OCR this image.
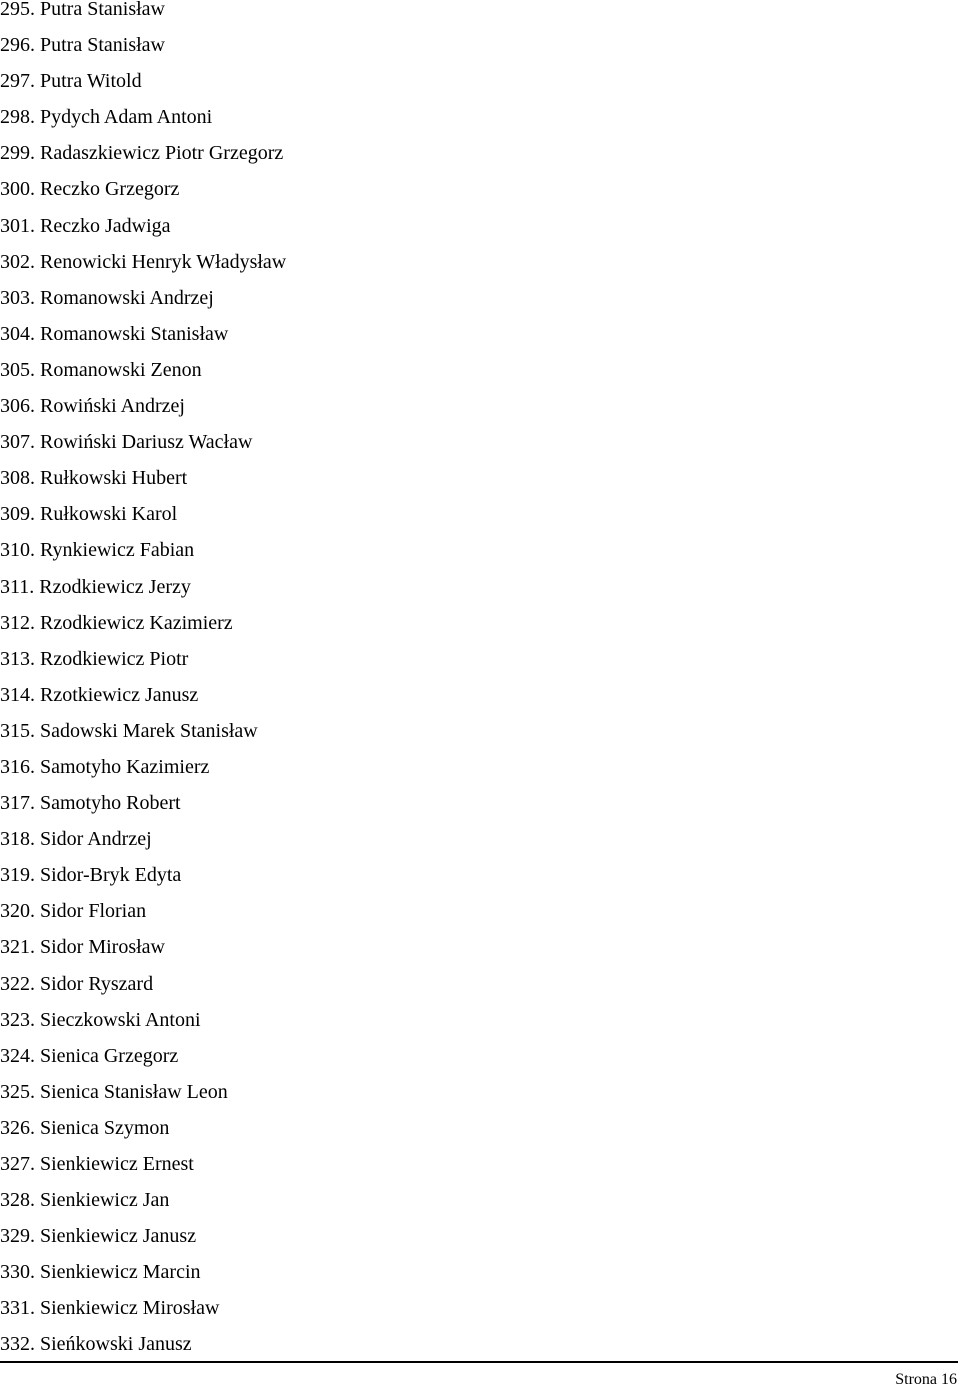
295. Putra Stanisław
296. Putra Stanisław
297. Putra Witold
298. Pydych Adam Antoni
299. Radaszkiewicz Piotr Grzegorz
300. Reczko Grzegorz
301. Reczko Jadwiga
302. Renowicki Henryk Władysław
303. Romanowski Andrzej
304. Romanowski Stanisław
305. Romanowski Zenon
306. Rowiński Andrzej
307. Rowiński Dariusz Wacław
308. Rułkowski Hubert
309. Rułkowski Karol
310. Rynkiewicz Fabian
311. Rzodkiewicz Jerzy
312. Rzodkiewicz Kazimierz
313. Rzodkiewicz Piotr
314. Rzotkiewicz Janusz
315. Sadowski Marek Stanisław
316. Samotyho Kazimierz
317. Samotyho Robert
318. Sidor Andrzej
319. Sidor-Bryk Edyta
320. Sidor Florian
321. Sidor Mirosław
322. Sidor Ryszard
323. Sieczkowski Antoni
324. Sienica Grzegorz
325. Sienica Stanisław Leon
326. Sienica Szymon
327. Sienkiewicz Ernest
328. Sienkiewicz Jan
329. Sienkiewicz Janusz
330. Sienkiewicz Marcin
331. Sienkiewicz Mirosław
332. Sieńkowski Janusz
Strona 16
